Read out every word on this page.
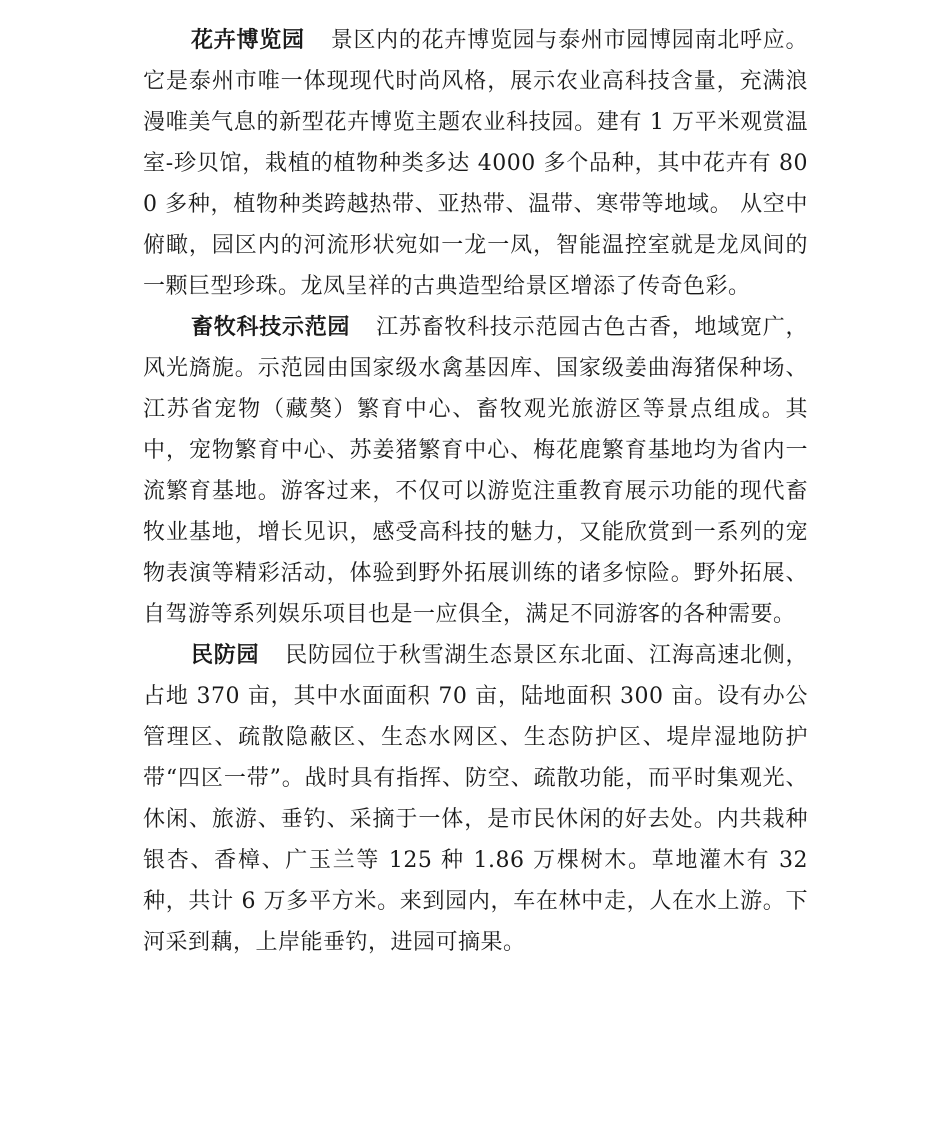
花卉博览园 景区内的花卉博览园与泰州市园博园南北呼应。它是泰州市唯一体现现代时尚风格，展示农业高科技含量，充满浪漫唯美气息的新型花卉博览主题农业科技园。建有 1 万平米观赏温室-珍贝馆，栽植的植物种类多达 4000 多个品种，其中花卉有 800 多种，植物种类跨越热带、亚热带、温带、寒带等地域。 从空中俯瞰，园区内的河流形状宛如一龙一凤，智能温控室就是龙凤间的一颗巨型珍珠。龙凤呈祥的古典造型给景区增添了传奇色彩。

畜牧科技示范园 江苏畜牧科技示范园古色古香，地域宽广，风光旖旎。示范园由国家级水禽基因库、国家级姜曲海猪保种场、江苏省宠物（藏獒）繁育中心、畜牧观光旅游区等景点组成。其中，宠物繁育中心、苏姜猪繁育中心、梅花鹿繁育基地均为省内一流繁育基地。游客过来，不仅可以游览注重教育展示功能的现代畜牧业基地，增长见识，感受高科技的魅力，又能欣赏到一系列的宠物表演等精彩活动，体验到野外拓展训练的诸多惊险。野外拓展、自驾游等系列娱乐项目也是一应俱全，满足不同游客的各种需要。

民防园 民防园位于秋雪湖生态景区东北面、江海高速北侧，占地 370 亩，其中水面面积 70 亩，陆地面积 300 亩。设有办公管理区、疏散隐蔽区、生态水网区、生态防护区、堤岸湿地防护带“四区一带”。战时具有指挥、防空、疏散功能，而平时集观光、休闲、旅游、垂钓、采摘于一体，是市民休闲的好去处。内共栽种银杏、香樟、广玉兰等 125 种 1.86 万棵树木。草地灌木有 32 种，共计 6 万多平方米。来到园内，车在林中走，人在水上游。下河采到藕，上岸能垂钓，进园可摘果。
